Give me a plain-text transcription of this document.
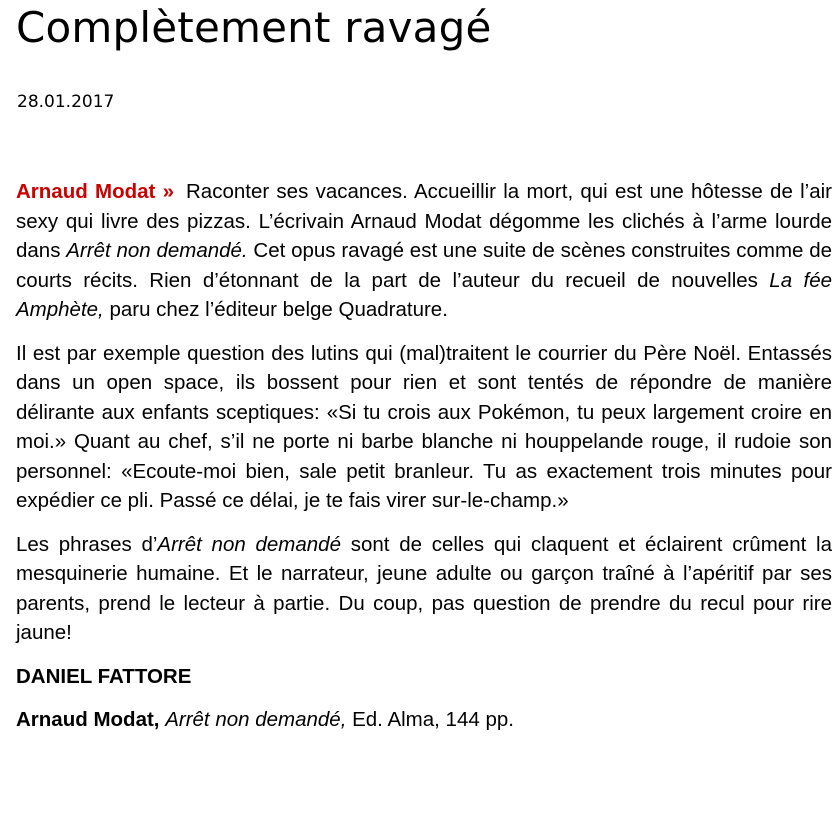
Complètement ravagé
28.01.2017

Arnaud Modat » Raconter ses vacances. Accueillir la mort, qui est une hôtesse de l’air sexy qui livre des pizzas. L’écrivain Arnaud Modat dégomme les clichés à l’arme lourde dans Arrêt non demandé. Cet opus ravagé est une suite de scènes construites comme de courts récits. Rien d’étonnant de la part de l’auteur du recueil de nouvelles La fée Amphète, paru chez l’éditeur belge Quadrature.

Il est par exemple question des lutins qui (mal)traitent le courrier du Père Noël. Entassés dans un open space, ils bossent pour rien et sont tentés de répondre de manière délirante aux enfants sceptiques: «Si tu crois aux Pokémon, tu peux largement croire en moi.» Quant au chef, s’il ne porte ni barbe blanche ni houppelande rouge, il rudoie son personnel: «Ecoute-moi bien, sale petit branleur. Tu as exactement trois minutes pour expédier ce pli. Passé ce délai, je te fais virer sur-le-champ.»

Les phrases d’Arrêt non demandé sont de celles qui claquent et éclairent crûment la mesquinerie humaine. Et le narrateur, jeune adulte ou garçon traîné à l’apéritif par ses parents, prend le lecteur à partie. Du coup, pas question de prendre du recul pour rire jaune!

DANIEL FATTORE
Arnaud Modat, Arrêt non demandé, Ed. Alma, 144 pp.
